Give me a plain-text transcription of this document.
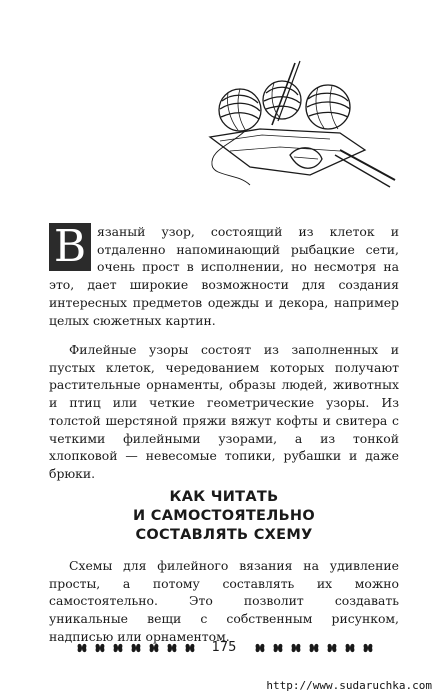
В язаный узор, состоящий из клеток и отдаленно напоминающий рыбацкие сети, очень прост в исполнении, но несмотря на это, дает широкие возможности для создания интересных предметов одежды и декора, например целых сюжетных картин.

Филейные узоры состоят из заполненных и пустых клеток, чередованием которых получают растительные орнаменты, образы людей, животных и птиц или четкие геометрические узоры. Из толстой шерстяной пряжи вяжут кофты и свитера с четкими филейными узорами, а из тонкой хлопковой — невесомые топики, рубашки и даже брюки.

КАК ЧИТАТЬ
И САМОСТОЯТЕЛЬНО
СОСТАВЛЯТЬ СХЕМУ

Схемы для филейного вязания на удивление просты, а потому составлять их можно самостоятельно. Это позволит создавать уникальные вещи с собственным рисунком, надписью или орнаментом.

175
http://www.sudaruchka.com
